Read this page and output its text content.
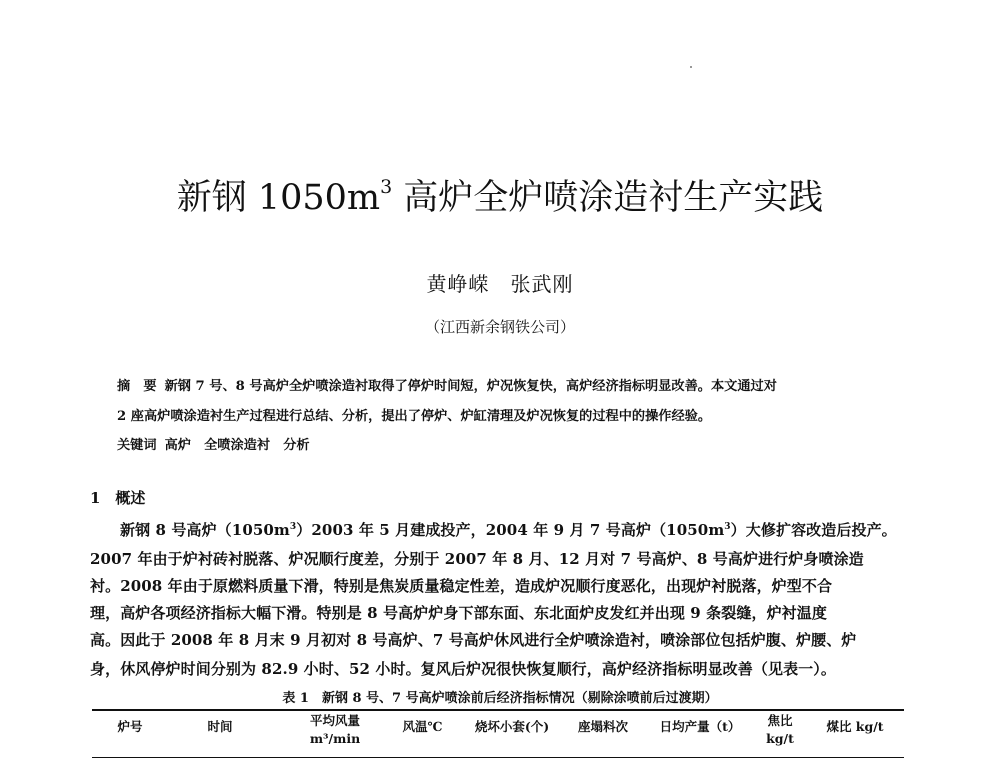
新钢 $1050m^3$ 高炉全炉喷涂造衬生产实践
黄峥嵘　张武刚
（江西新余钢铁公司）
摘　要 新钢 7 号、8 号高炉全炉喷涂造衬取得了停炉时间短，炉况恢复快，高炉经济指标明显改善。本文通过对
2 座高炉喷涂造衬生产过程进行总结、分析，提出了停炉、炉缸清理及炉况恢复的过程中的操作经验。
关键词 高炉　全喷涂造衬　分析
1　概述
新钢 8 号高炉$(1050m^3)2003$ 年 5 月建成投产，2004 年 9 月 7 号高炉$(1050m^3)$大修扩容改造后投产。
2007 年由于炉衬砖衬脱落、炉况顺行度差，分别于 2007 年 8 月、12 月对 7 号高炉、8 号高炉进行炉身喷涂造
衬。2008 年由于原燃料质量下滑，特别是焦炭质量稳定性差，造成炉况顺行度恶化，出现炉衬脱落，炉型不合
理，高炉各项经济指标大幅下滑。特别是 8 号高炉炉身下部东面、东北面炉皮发红并出现 9 条裂缝，炉衬温度
高。因此于 2008 年 8 月末 9 月初对 8 号高炉、7 号高炉休风进行全炉喷涂造衬，喷涂部位包括炉腹、炉腰、炉
身，休风停炉时间分别为 82.9 小时、52 小时。复风后炉况很快恢复顺行，高炉经济指标明显改善（见表一）。
表 1　新钢 8 号、7 号高炉喷涂前后经济指标情况（剔除涂喷前后过渡期）
炉号	时间	平均风量
m³/min
风温℃	烧坏小套(个)	座塌料次	日均产量（t）	焦比
kg/t
煤比 kg/t
